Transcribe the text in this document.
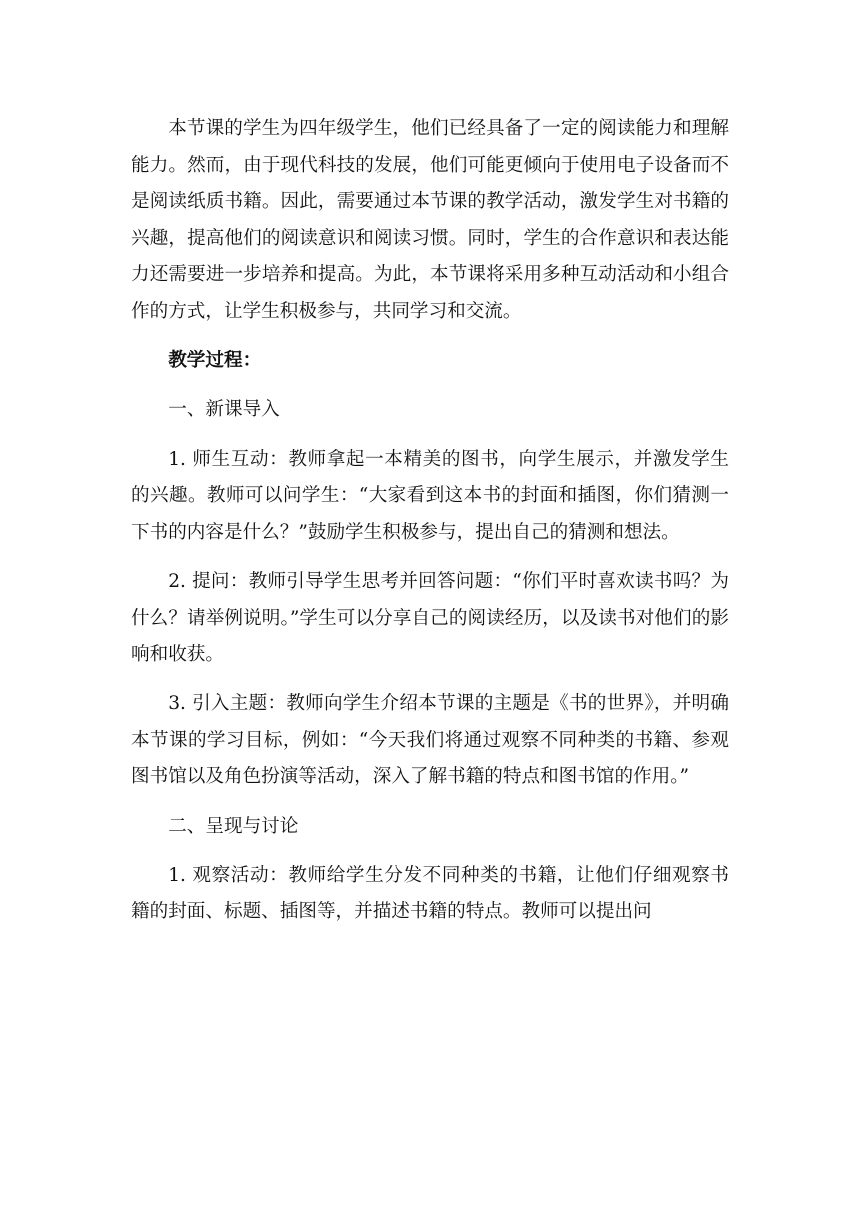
本节课的学生为四年级学生，他们已经具备了一定的阅读能力和理解能力。然而，由于现代科技的发展，他们可能更倾向于使用电子设备而不是阅读纸质书籍。因此，需要通过本节课的教学活动，激发学生对书籍的兴趣，提高他们的阅读意识和阅读习惯。同时，学生的合作意识和表达能力还需要进一步培养和提高。为此，本节课将采用多种互动活动和小组合作的方式，让学生积极参与，共同学习和交流。

教学过程：

一、新课导入

1. 师生互动：教师拿起一本精美的图书，向学生展示，并激发学生的兴趣。教师可以问学生：“大家看到这本书的封面和插图，你们猜测一下书的内容是什么？”鼓励学生积极参与，提出自己的猜测和想法。

2. 提问：教师引导学生思考并回答问题：“你们平时喜欢读书吗？为什么？请举例说明。”学生可以分享自己的阅读经历，以及读书对他们的影响和收获。

3. 引入主题：教师向学生介绍本节课的主题是《书的世界》，并明确本节课的学习目标，例如：“今天我们将通过观察不同种类的书籍、参观图书馆以及角色扮演等活动，深入了解书籍的特点和图书馆的作用。”

二、呈现与讨论

1. 观察活动：教师给学生分发不同种类的书籍，让他们仔细观察书籍的封面、标题、插图等，并描述书籍的特点。教师可以提出问
